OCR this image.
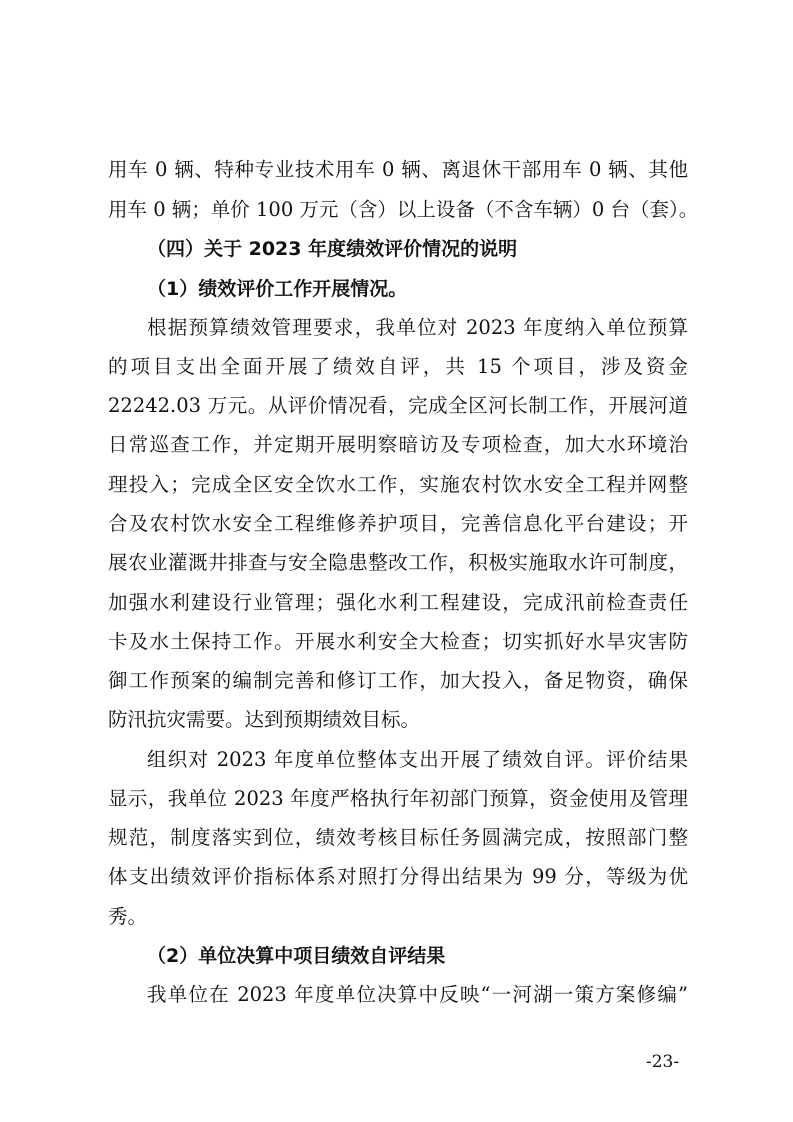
用车 0 辆、特种专业技术用车 0 辆、离退休干部用车 0 辆、其他
用车 0 辆；单价 100 万元（含）以上设备（不含车辆）0 台（套）。
（四）关于 2023 年度绩效评价情况的说明
（1）绩效评价工作开展情况。
根据预算绩效管理要求，我单位对 2023 年度纳入单位预算
的项目支出全面开展了绩效自评，共 15 个项目，涉及资金
22242.03 万元。从评价情况看，完成全区河长制工作，开展河道
日常巡查工作，并定期开展明察暗访及专项检查，加大水环境治
理投入；完成全区安全饮水工作，实施农村饮水安全工程并网整
合及农村饮水安全工程维修养护项目，完善信息化平台建设；开
展农业灌溉井排查与安全隐患整改工作，积极实施取水许可制度，
加强水利建设行业管理；强化水利工程建设，完成汛前检查责任
卡及水土保持工作。开展水利安全大检查；切实抓好水旱灾害防
御工作预案的编制完善和修订工作，加大投入，备足物资，确保
防汛抗灾需要。达到预期绩效目标。
组织对 2023 年度单位整体支出开展了绩效自评。评价结果
显示，我单位 2023 年度严格执行年初部门预算，资金使用及管理
规范，制度落实到位，绩效考核目标任务圆满完成，按照部门整
体支出绩效评价指标体系对照打分得出结果为 99 分，等级为优
秀。
（2）单位决算中项目绩效自评结果
我单位在 2023 年度单位决算中反映“一河湖一策方案修编”
-23-
